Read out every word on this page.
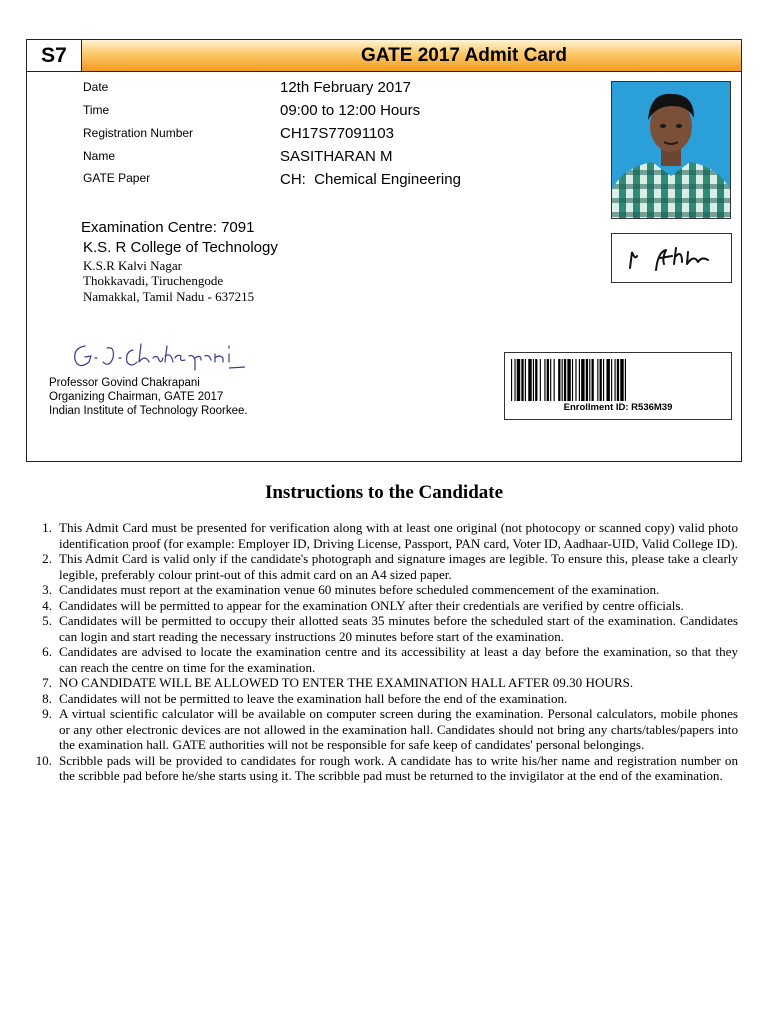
S7	GATE 2017 Admit Card
Date	12th February 2017
Time	09:00 to 12:00 Hours
Registration Number	CH17S77091103
Name	SASITHARAN M
GATE Paper	CH:  Chemical Engineering
Examination Centre: 7091
K.S. R College of Technology
K.S.R Kalvi Nagar
Thokkavadi, Tiruchengode
Namakkal, Tamil Nadu - 637215
Professor Govind Chakrapani
Organizing Chairman, GATE 2017
Indian Institute of Technology Roorkee.	Enrollment ID: R536M39
Instructions to the Candidate
1. This Admit Card must be presented for verification along with at least one original (not photocopy or scanned copy) valid photo identification proof (for example: Employer ID, Driving License, Passport, PAN card, Voter ID, Aadhaar-UID, Valid College ID).
2. This Admit Card is valid only if the candidate's photograph and signature images are legible. To ensure this, please take a clearly legible, preferably colour print-out of this admit card on an A4 sized paper.
3. Candidates must report at the examination venue 60 minutes before scheduled commencement of the examination.
4. Candidates will be permitted to appear for the examination ONLY after their credentials are verified by centre officials.
5. Candidates will be permitted to occupy their allotted seats 35 minutes before the scheduled start of the examination. Candidates can login and start reading the necessary instructions 20 minutes before start of the examination.
6. Candidates are advised to locate the examination centre and its accessibility at least a day before the examination, so that they can reach the centre on time for the examination.
7. NO CANDIDATE WILL BE ALLOWED TO ENTER THE EXAMINATION HALL AFTER 09.30 HOURS.
8. Candidates will not be permitted to leave the examination hall before the end of the examination.
9. A virtual scientific calculator will be available on computer screen during the examination. Personal calculators, mobile phones or any other electronic devices are not allowed in the examination hall. Candidates should not bring any charts/tables/papers into the examination hall. GATE authorities will not be responsible for safe keep of candidates' personal belongings.
10. Scribble pads will be provided to candidates for rough work. A candidate has to write his/her name and registration number on the scribble pad before he/she starts using it. The scribble pad must be returned to the invigilator at the end of the examination.
